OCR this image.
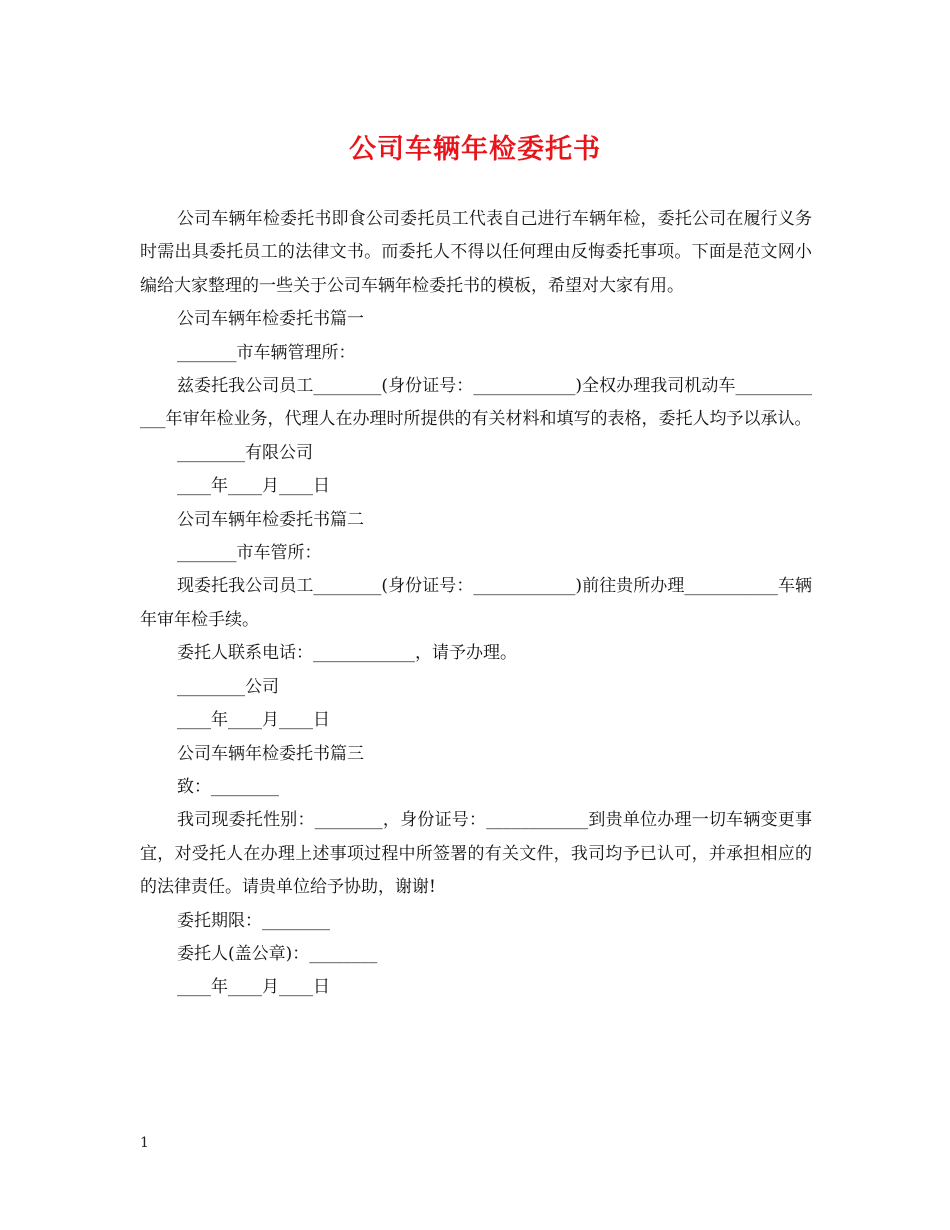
公司车辆年检委托书

公司车辆年检委托书即食公司委托员工代表自己进行车辆年检，委托公司在履行义务时需出具委托员工的法律文书。而委托人不得以任何理由反悔委托事项。下面是范文网小编给大家整理的一些关于公司车辆年检委托书的模板，希望对大家有用。

公司车辆年检委托书篇一

_______市车辆管理所：

兹委托我公司员工________(身份证号：____________)全权办理我司机动车____________年审年检业务，代理人在办理时所提供的有关材料和填写的表格，委托人均予以承认。

________有限公司

____年____月____日

公司车辆年检委托书篇二

_______市车管所：

现委托我公司员工________(身份证号：____________)前往贵所办理___________车辆年审年检手续。

委托人联系电话：____________，请予办理。

________公司

____年____月____日

公司车辆年检委托书篇三

致：________

我司现委托性别：________，身份证号：____________到贵单位办理一切车辆变更事宜，对受托人在办理上述事项过程中所签署的有关文件，我司均予已认可，并承担相应的的法律责任。请贵单位给予协助，谢谢!

委托期限：________

委托人(盖公章)：________

____年____月____日

1
